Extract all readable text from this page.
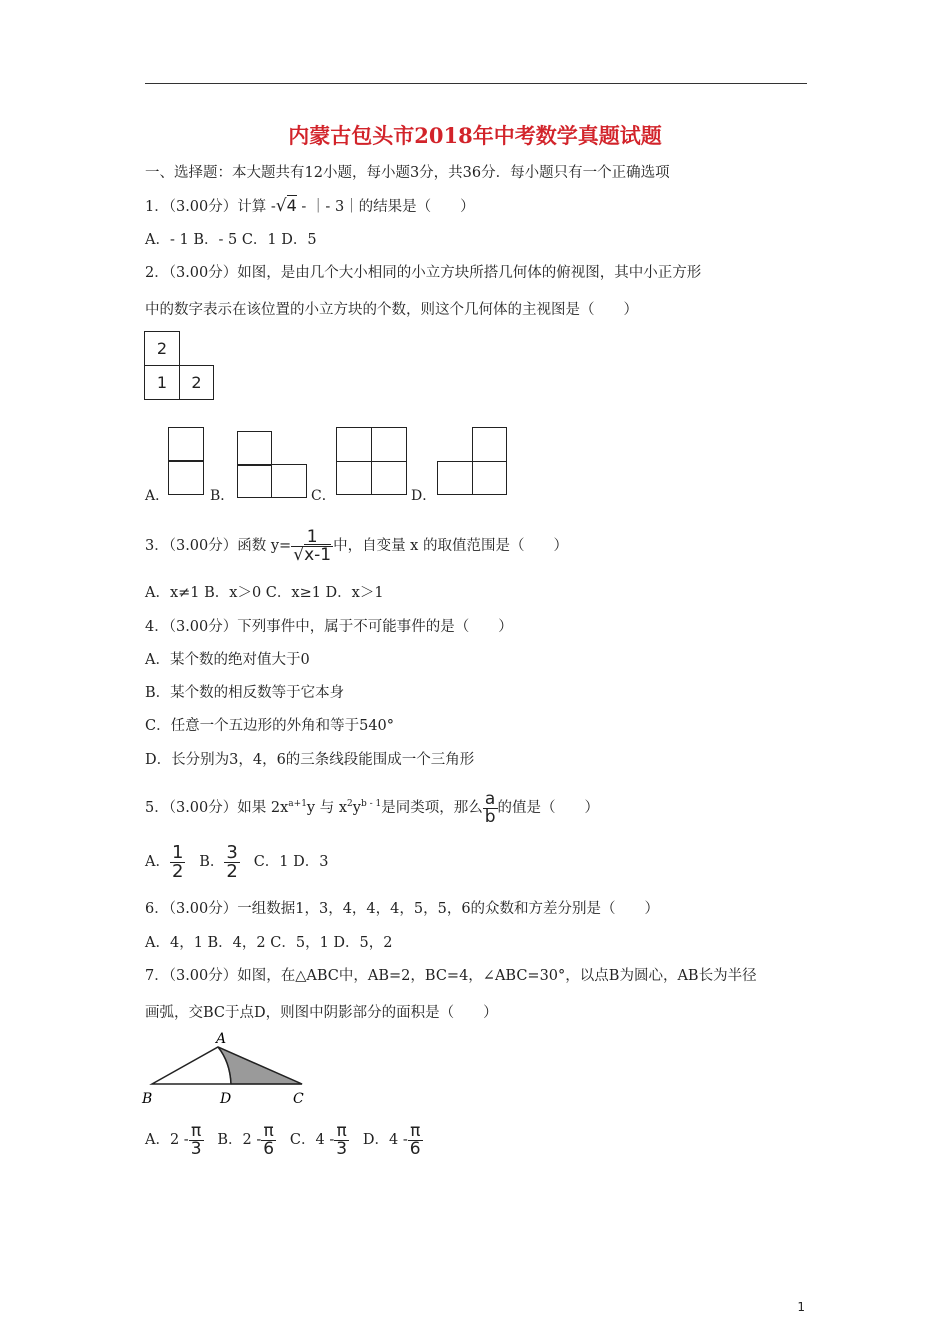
内蒙古包头市2018年中考数学真题试题
一、选择题：本大题共有12小题，每小题3分，共36分．每小题只有一个正确选项
1．（3.00分）计算 -√4 - ｜- 3｜的结果是（　　）
A．- 1 B．- 5 C．1 D．5
2．（3.00分）如图，是由几个大小相同的小立方块所搭几何体的俯视图，其中小正方形
中的数字表示在该位置的小立方块的个数，则这个几何体的主视图是（　　）
2
1	2
A．	B．	C．	D．
3．（3.00分）函数 $y= \frac{1}{√x-1}$ 中，自变量 x 的取值范围是（　　）
A．x≠1 B．x＞0 C．x≥1 D．x＞1
4．（3.00分）下列事件中，属于不可能事件的是（　　）
A．某个数的绝对值大于0
B．某个数的相反数等于它本身
C．任意一个五边形的外角和等于540°
D．长分别为3，4，6的三条线段能围成一个三角形
5．（3.00分）如果 $2x^{a+1}y$ 与 $x^2y^{b - 1}$是同类项，那么 $\frac{a}{b}$ 的值是（　　）
A． $\frac{1}{2}$ B． $\frac{3}{2}$ C．1 D．3
6．（3.00分）一组数据1，3，4，4，4，5，5，6的众数和方差分别是（　　）
A．4，1 B．4，2 C．5，1 D．5，2
7．（3.00分）如图，在△ABC中，AB=2，BC=4，∠ABC=30°，以点B为圆心，AB长为半径
画弧，交BC于点D，则图中阴影部分的面积是（　　）
A
B	D	C
A．$2 - \frac{\pi}{3}$ B．$2 - \frac{\pi}{6}$ C．$4 - \frac{\pi}{3}$ D．$4 - \frac{\pi}{6}$
1
